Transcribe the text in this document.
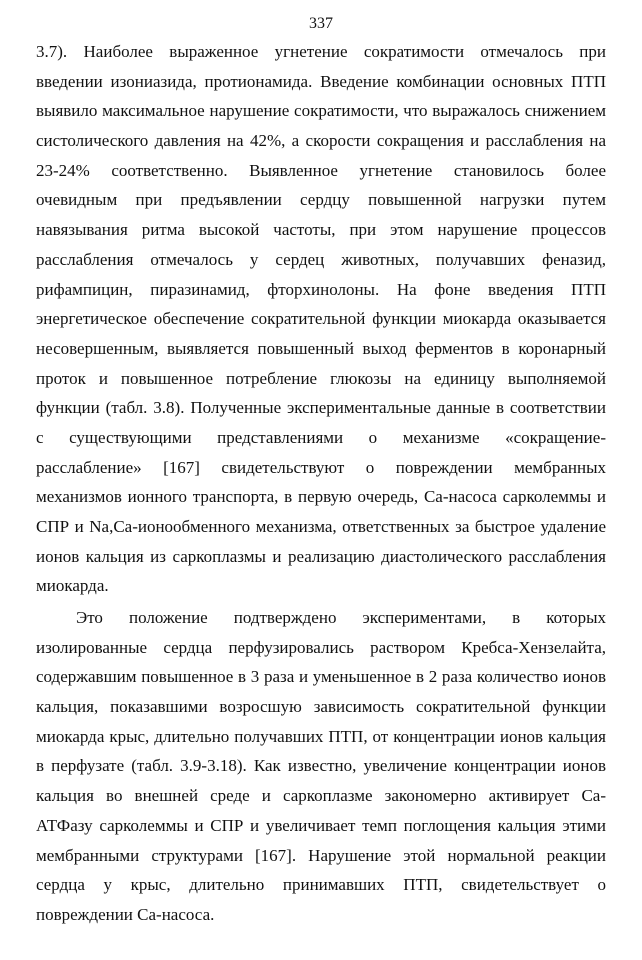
337
3.7). Наиболее выраженное угнетение сократимости отмечалось при
введении изониазида, протионамида. Введение комбинации основных ПТП
выявило максимальное нарушение сократимости, что выражалось снижением
систолического давления на 42%, а скорости сокращения и расслабления на
23-24% соответственно. Выявленное угнетение становилось более
очевидным при предъявлении сердцу повышенной нагрузки путем
навязывания ритма высокой частоты, при этом нарушение процессов
расслабления отмечалось у сердец животных, получавших феназид,
рифампицин, пиразинамид, фторхинолоны. На фоне введения ПТП
энергетическое обеспечение сократительной функции миокарда оказывается
несовершенным, выявляется повышенный выход ферментов в коронарный
проток и повышенное потребление глюкозы на единицу выполняемой
функции (табл. 3.8). Полученные экспериментальные данные в соответствии
с существующими представлениями о механизме «сокращение-
расслабление» [167] свидетельствуют о повреждении мембранных
механизмов ионного транспорта, в первую очередь, Са-насоса сарколеммы и
СПР и Na,Са-ионообменного механизма, ответственных за быстрое удаление
ионов кальция из саркоплазмы и реализацию диастолического расслабления
миокарда.
Это положение подтверждено экспериментами, в которых
изолированные сердца перфузировались раствором Кребса-Хензелайта,
содержавшим повышенное в 3 раза и уменьшенное в 2 раза количество ионов
кальция, показавшими возросшую зависимость сократительной функции
миокарда крыс, длительно получавших ПТП, от концентрации ионов кальция
в перфузате (табл. 3.9-3.18). Как известно, увеличение концентрации ионов
кальция во внешней среде и саркоплазме закономерно активирует Са-
АТФазу сарколеммы и СПР и увеличивает темп поглощения кальция этими
мембранными структурами [167]. Нарушение этой нормальной реакции
сердца у крыс, длительно принимавших ПТП, свидетельствует о
повреждении Са-насоса.
